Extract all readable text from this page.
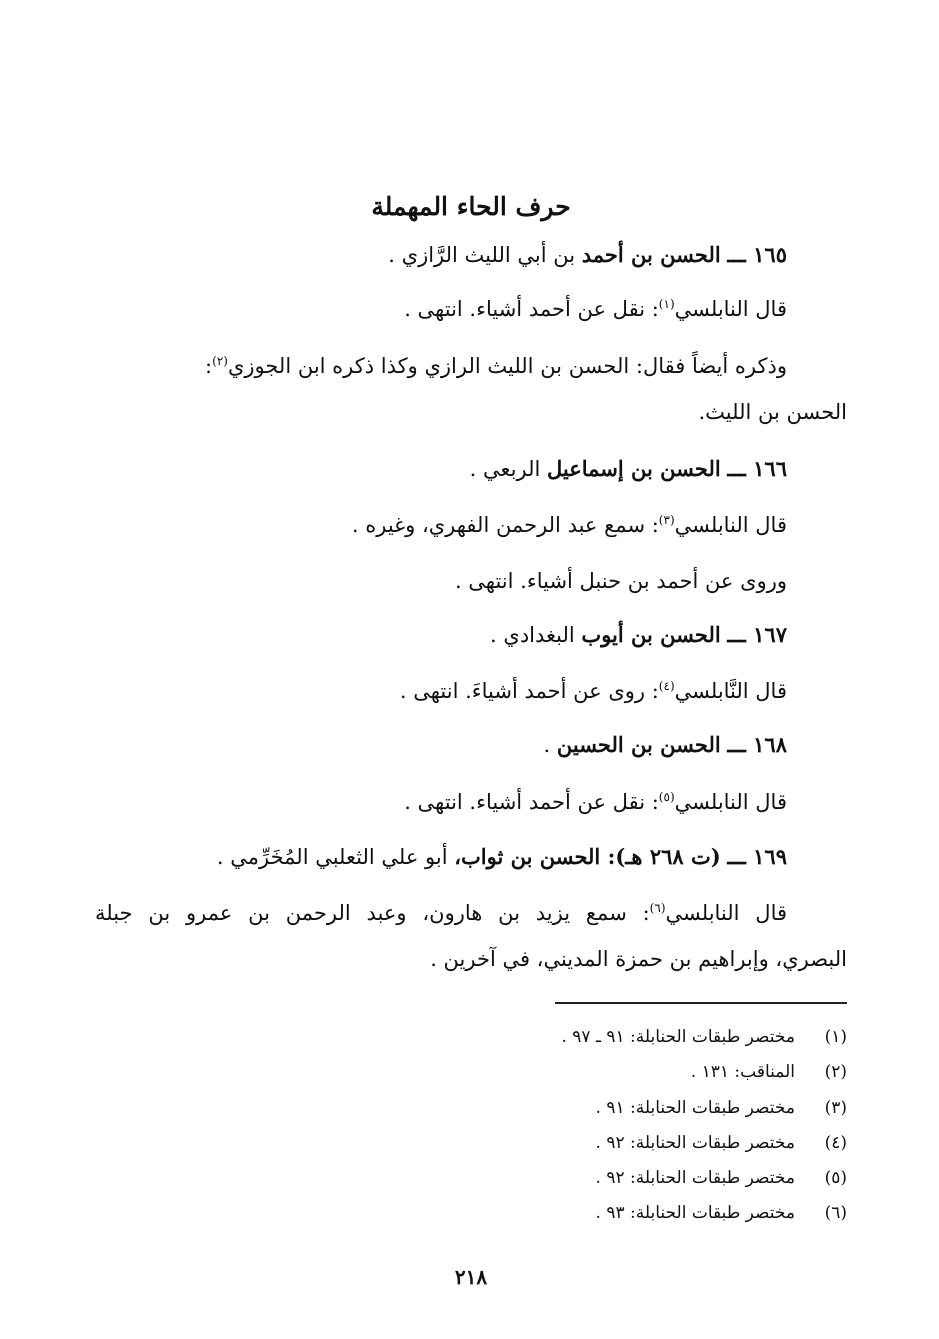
حرف الحاء المهملة
١٦٥ ـــ الحسن بن أحمد بن أبي الليث الرَّازي .
قال النابلسي$^{(١)}$: نقل عن أحمد أشياء. انتهى .
وذكره أيضاً فقال: الحسن بن الليث الرازي وكذا ذكره ابن الجوزي$^{(٢)}$:
الحسن بن الليث.
١٦٦ ـــ الحسن بن إسماعيل الربعي .
قال النابلسي$^{(٣)}$: سمع عبد الرحمن الفهري، وغيره .
وروى عن أحمد بن حنبل أشياء. انتهى .
١٦٧ ـــ الحسن بن أيوب البغدادي .
قال النَّابلسي$^{(٤)}$: روى عن أحمد أشياءَ. انتهى .
١٦٨ ـــ الحسن بن الحسين .
قال النابلسي$^{(٥)}$: نقل عن أحمد أشياء. انتهى .
١٦٩ ـــ (ت ٢٦٨ هـ): الحسن بن ثواب، أبو علي الثعلبي المُخَرِّمي .
قال النابلسي$^{(٦)}$: سمع يزيد بن هارون، وعبد الرحمن بن عمرو بن جبلة
البصري، وإبراهيم بن حمزة المديني، في آخرين .
(١)مختصر طبقات الحنابلة: ٩١ ـ ٩٧ .
(٢)المناقب: ١٣١ .
(٣)مختصر طبقات الحنابلة: ٩١ .
(٤)مختصر طبقات الحنابلة: ٩٢ .
(٥)مختصر طبقات الحنابلة: ٩٢ .
(٦)مختصر طبقات الحنابلة: ٩٣ .
٢١٨
